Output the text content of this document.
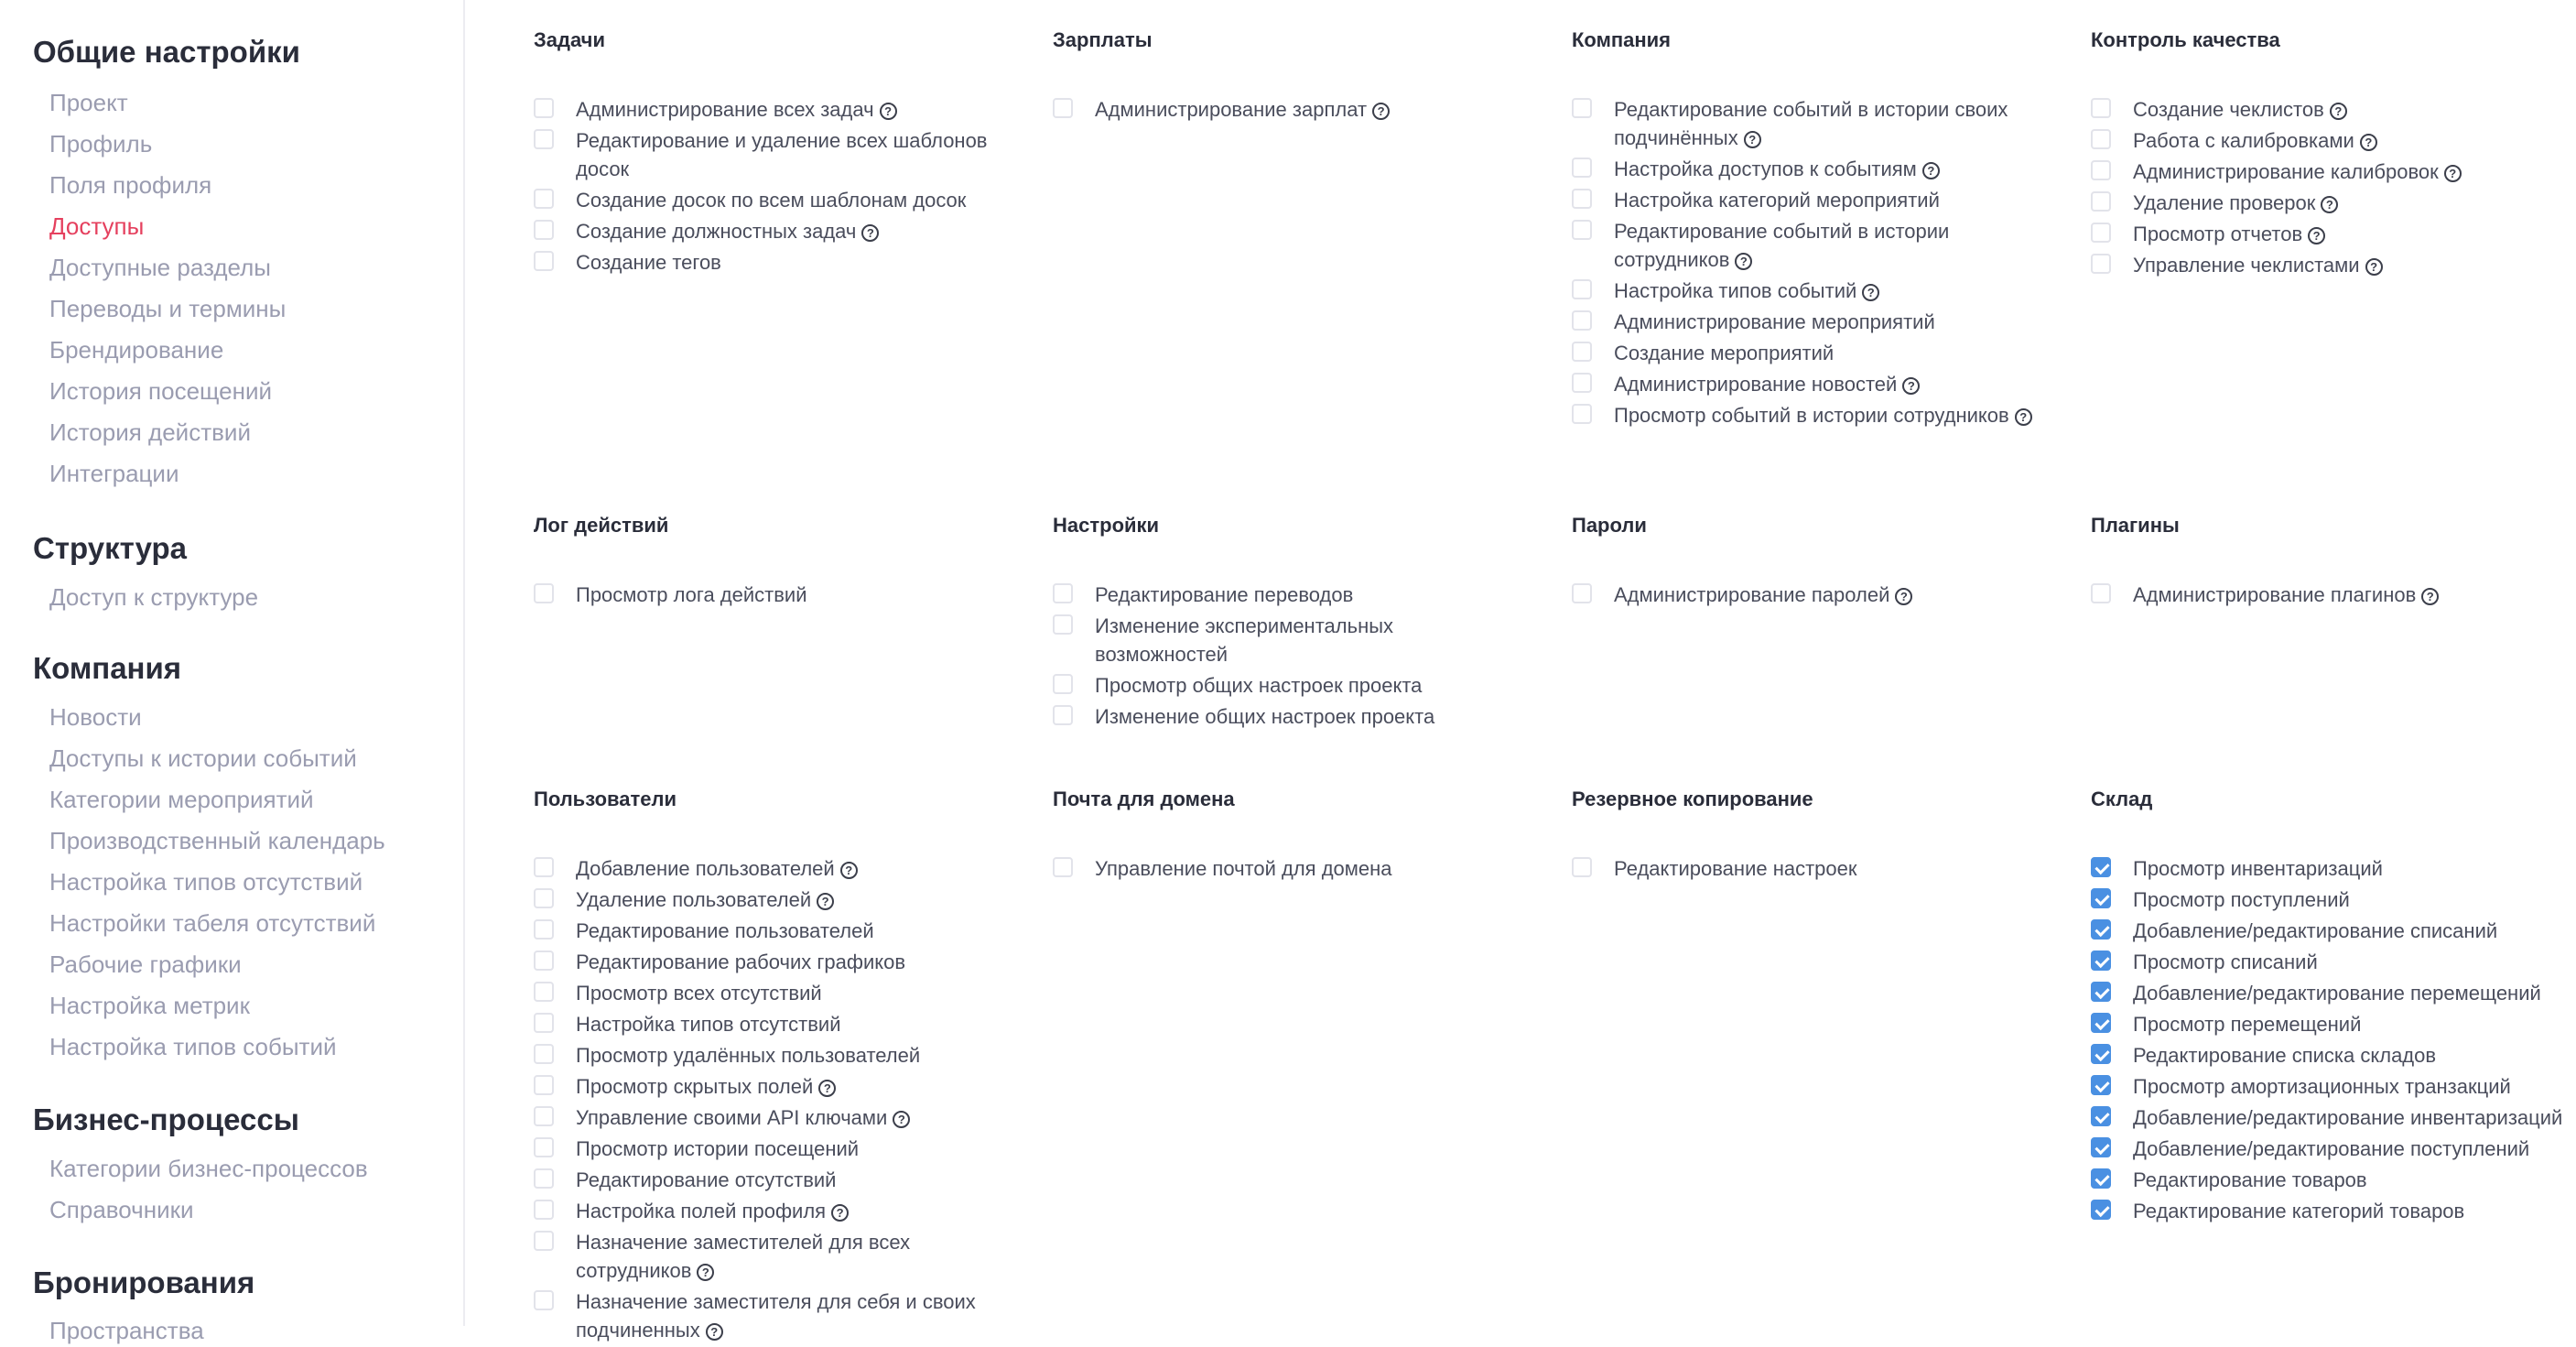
Общие настройки
Проект
Профиль
Поля профиля
Доступы
Доступные разделы
Переводы и термины
Брендирование
История посещений
История действий
Интеграции
Структура
Доступ к структуре
Компания
Новости
Доступы к истории событий
Категории мероприятий
Производственный календарь
Настройка типов отсутствий
Настройки табеля отсутствий
Рабочие графики
Настройка метрик
Настройка типов событий
Бизнес-процессы
Категории бизнес-процессов
Справочники
Бронирования
Пространства
Задачи
Администрирование всех задач ?
Редактирование и удаление всех шаблонов досок
Создание досок по всем шаблонам досок
Создание должностных задач ?
Создание тегов
Зарплаты
Администрирование зарплат ?
Компания
Редактирование событий в истории своих подчинённых ?
Настройка доступов к событиям ?
Настройка категорий мероприятий
Редактирование событий в истории сотрудников ?
Настройка типов событий ?
Администрирование мероприятий
Создание мероприятий
Администрирование новостей ?
Просмотр событий в истории сотрудников ?
Контроль качества
Создание чеклистов ?
Работа с калибровками ?
Администрирование калибровок ?
Удаление проверок ?
Просмотр отчетов ?
Управление чеклистами ?
Лог действий
Просмотр лога действий
Настройки
Редактирование переводов
Изменение экспериментальных возможностей
Просмотр общих настроек проекта
Изменение общих настроек проекта
Пароли
Администрирование паролей ?
Плагины
Администрирование плагинов ?
Пользователи
Добавление пользователей ?
Удаление пользователей ?
Редактирование пользователей
Редактирование рабочих графиков
Просмотр всех отсутствий
Настройка типов отсутствий
Просмотр удалённых пользователей
Просмотр скрытых полей ?
Управление своими API ключами ?
Просмотр истории посещений
Редактирование отсутствий
Настройка полей профиля ?
Назначение заместителей для всех сотрудников ?
Назначение заместителя для себя и своих подчиненных ?
Почта для домена
Управление почтой для домена
Резервное копирование
Редактирование настроек
Склад
Просмотр инвентаризаций
Просмотр поступлений
Добавление/редактирование списаний
Просмотр списаний
Добавление/редактирование перемещений
Просмотр перемещений
Редактирование списка складов
Просмотр амортизационных транзакций
Добавление/редактирование инвентаризаций
Добавление/редактирование поступлений
Редактирование товаров
Редактирование категорий товаров
